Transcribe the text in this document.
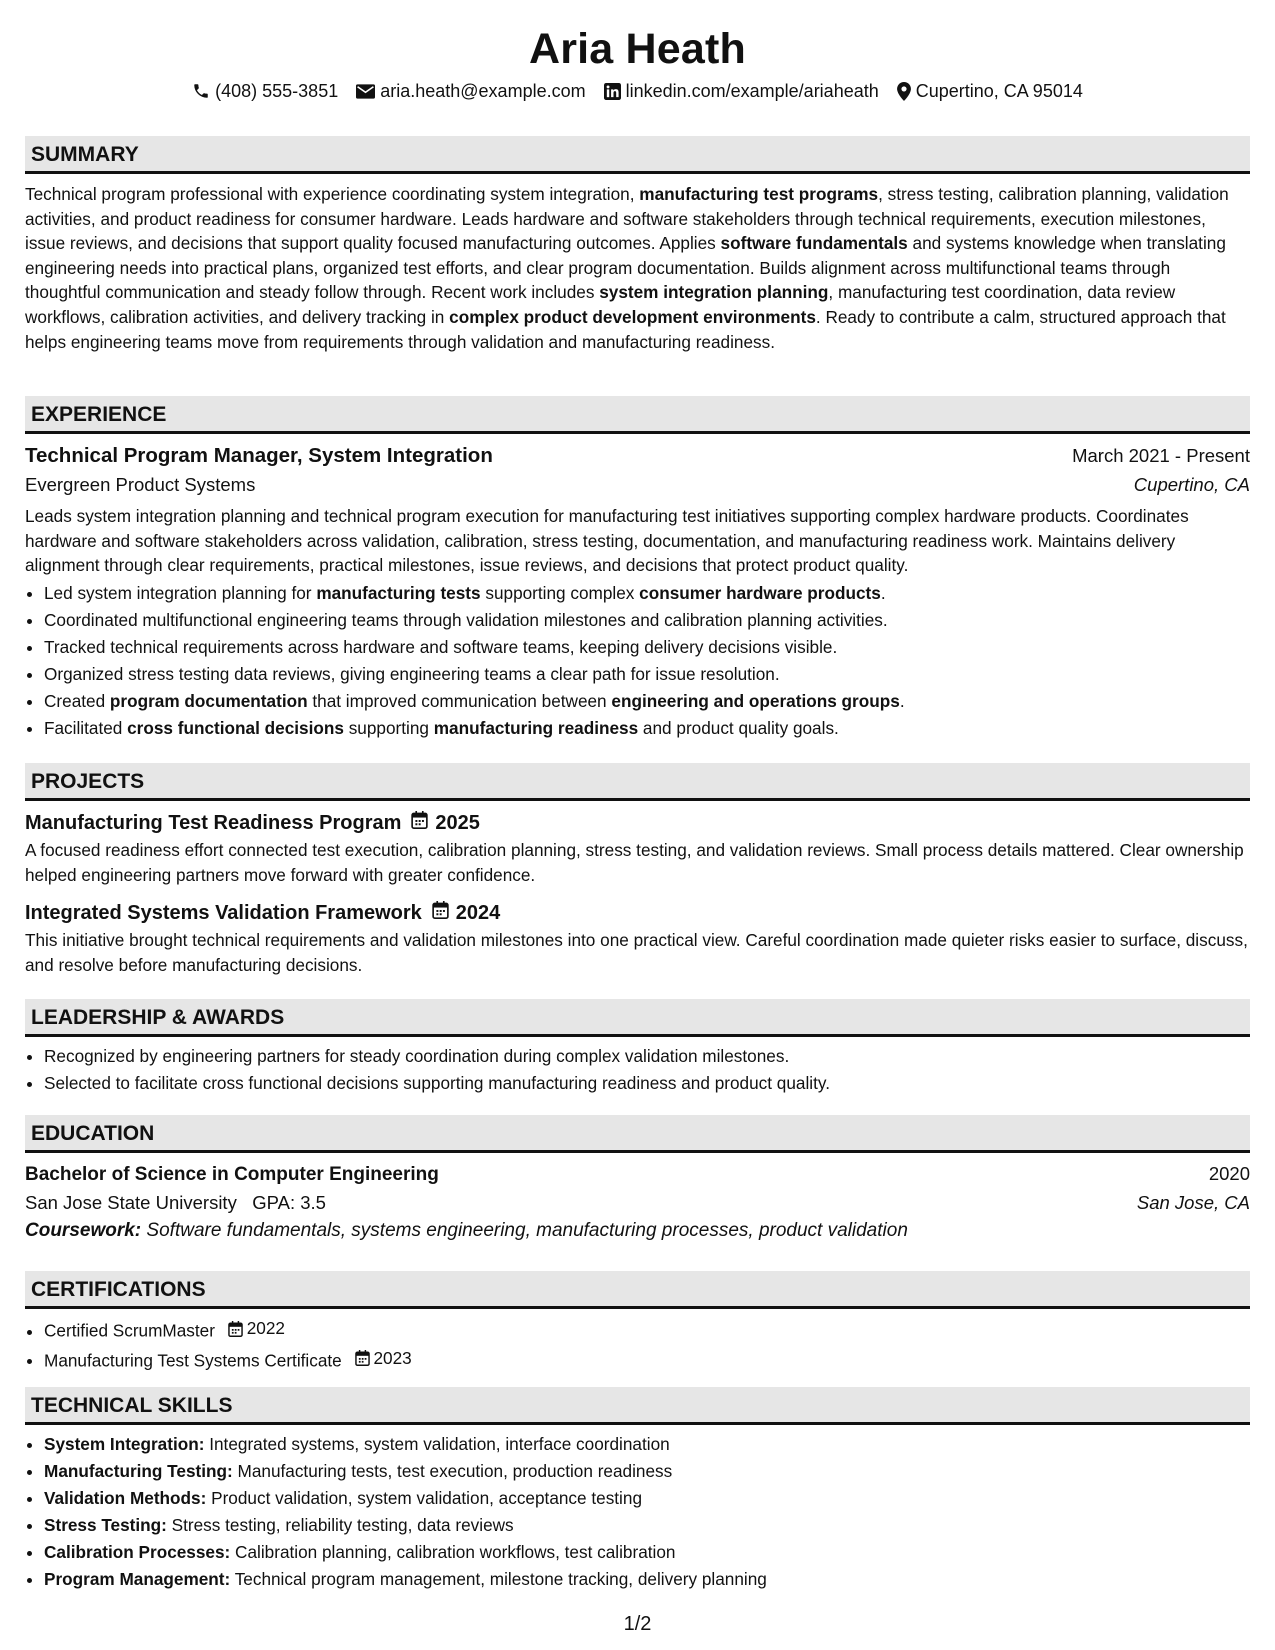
Aria Heath
(408) 555-3851 aria.heath@example.com linkedin.com/example/ariaheath Cupertino, CA 95014
SUMMARY
Technical program professional with experience coordinating system integration, manufacturing test programs, stress testing, calibration planning, validation activities, and product readiness for consumer hardware. Leads hardware and software stakeholders through technical requirements, execution milestones, issue reviews, and decisions that support quality focused manufacturing outcomes. Applies software fundamentals and systems knowledge when translating engineering needs into practical plans, organized test efforts, and clear program documentation. Builds alignment across multifunctional teams through thoughtful communication and steady follow through. Recent work includes system integration planning, manufacturing test coordination, data review workflows, calibration activities, and delivery tracking in complex product development environments. Ready to contribute a calm, structured approach that helps engineering teams move from requirements through validation and manufacturing readiness.
EXPERIENCE
Technical Program Manager, System Integration	March 2021 - Present
Evergreen Product Systems	Cupertino, CA
Leads system integration planning and technical program execution for manufacturing test initiatives supporting complex hardware products. Coordinates hardware and software stakeholders across validation, calibration, stress testing, documentation, and manufacturing readiness work. Maintains delivery alignment through clear requirements, practical milestones, issue reviews, and decisions that protect product quality.
• Led system integration planning for manufacturing tests supporting complex consumer hardware products.
• Coordinated multifunctional engineering teams through validation milestones and calibration planning activities.
• Tracked technical requirements across hardware and software teams, keeping delivery decisions visible.
• Organized stress testing data reviews, giving engineering teams a clear path for issue resolution.
• Created program documentation that improved communication between engineering and operations groups.
• Facilitated cross functional decisions supporting manufacturing readiness and product quality goals.
PROJECTS
Manufacturing Test Readiness Program 2025
A focused readiness effort connected test execution, calibration planning, stress testing, and validation reviews. Small process details mattered. Clear ownership helped engineering partners move forward with greater confidence.
Integrated Systems Validation Framework 2024
This initiative brought technical requirements and validation milestones into one practical view. Careful coordination made quieter risks easier to surface, discuss, and resolve before manufacturing decisions.
LEADERSHIP & AWARDS
• Recognized by engineering partners for steady coordination during complex validation milestones.
• Selected to facilitate cross functional decisions supporting manufacturing readiness and product quality.
EDUCATION
Bachelor of Science in Computer Engineering	2020
San Jose State University GPA: 3.5	San Jose, CA
Coursework: Software fundamentals, systems engineering, manufacturing processes, product validation
CERTIFICATIONS
• Certified ScrumMaster 2022
• Manufacturing Test Systems Certificate 2023
TECHNICAL SKILLS
• System Integration: Integrated systems, system validation, interface coordination
• Manufacturing Testing: Manufacturing tests, test execution, production readiness
• Validation Methods: Product validation, system validation, acceptance testing
• Stress Testing: Stress testing, reliability testing, data reviews
• Calibration Processes: Calibration planning, calibration workflows, test calibration
• Program Management: Technical program management, milestone tracking, delivery planning
1/2
